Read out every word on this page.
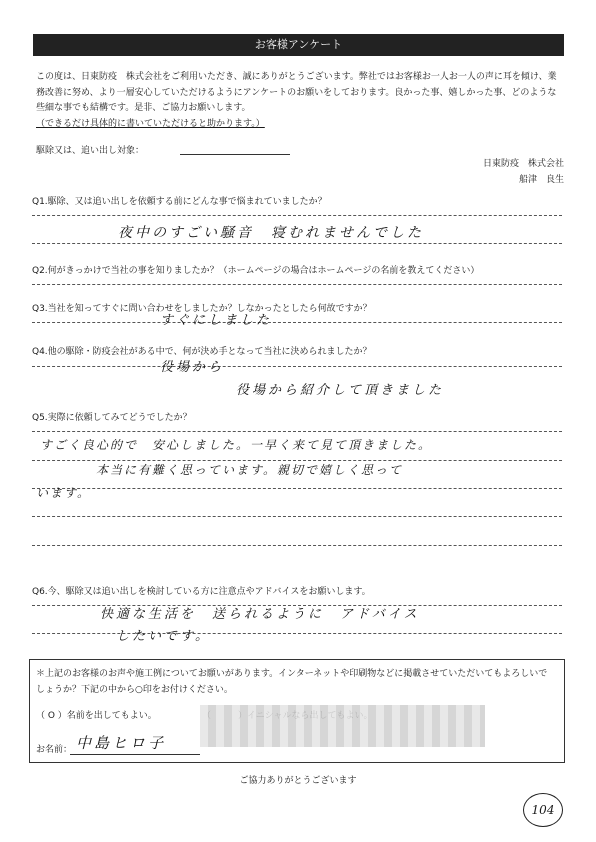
お客様アンケート
この度は、日東防疫　株式会社をご利用いただき、誠にありがとうございます。弊社ではお客様お一人お一人の声に耳を傾け、業務改善に努め、より一層安心していただけるようにアンケートのお願いをしております。良かった事、嬉しかった事、どのような些細な事でも結構です。是非、ご協力お願いします。
（できるだけ具体的に書いていただけると助かります。）
駆除又は、追い出し対象：
日東防疫　株式会社
船津　良生
Q1.駆除、又は追い出しを依頼する前にどんな事で悩まれていましたか？
夜中のすごい騒音　寝むれませんでした
Q2.何がきっかけで当社の事を知りましたか？（ホームページの場合はホームページの名前を教えてください）
Q3.当社を知ってすぐに問い合わせをしましたか？しなかったとしたら何故ですか？
すぐにしました
Q4.他の駆除・防疫会社がある中で、何が決め手となって当社に決められましたか？
役場から
役場から紹介して頂きました
Q5.実際に依頼してみてどうでしたか？
すごく良心的で　安心しました。一早く来て見て頂きました。
本当に有難く思っています。親切で嬉しく思って
います。
Q6.今、駆除又は追い出しを検討している方に注意点やアドバイスをお願いします。
快適な生活を　送られるように　アドバイス
したいです。
＊上記のお客様のお声や施工例についてお願いがあります。インターネットや印刷物などに掲載させていただいてもよろしいでしょうか？下記の中から○印をお付けください。
（ O ）名前を出してもよい。
お名前： 中島ヒロ子
ご協力ありがとうございます
104
